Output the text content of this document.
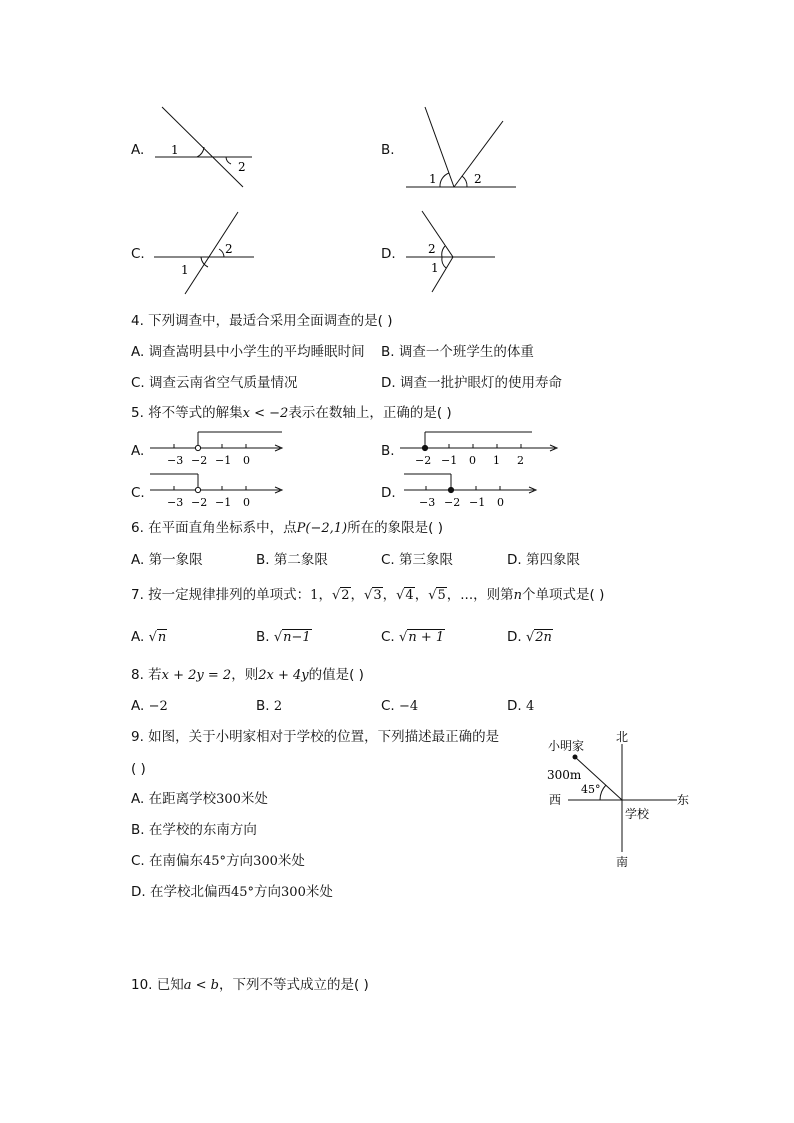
A. 1
2
B.
1	2
C.	2
1
D.	2
1
4. 下列调查中，最适合采用全面调查的是( )
A. 调查嵩明县中小学生的平均睡眠时间 B. 调查一个班学生的体重
C. 调查云南省空气质量情况	D. 调查一批护眼灯的使用寿命
5. 将不等式的解集x < −2表示在数轴上，正确的是( )
A.
−3 −2 −1 0
B.
−2 −1 0 1 2
C.
−3 −2 −1 0
D.
−3 −2 −1 0
6. 在平面直角坐标系中，点P(−2,1)所在的象限是( )
A. 第一象限	B. 第二象限	C. 第三象限	D. 第四象限
7. 按一定规律排列的单项式：1，√2，√3，√4，√5，...，则第n个单项式是( )
A. √n	B. √n−1	C. √n + 1	D. √2n
8. 若x + 2y = 2，则2x + 4y的值是( )
A. −2	B. 2	C. −4	D. 4
9. 如图，关于小明家相对于学校的位置，下列描述最正确的是
( )
A. 在距离学校300米处
B. 在学校的东南方向
C. 在南偏东45°方向300米处
D. 在学校北偏西45°方向300米处
北
南
东
西
小明家
学校
300m
45°
10. 已知a < b，下列不等式成立的是( )
